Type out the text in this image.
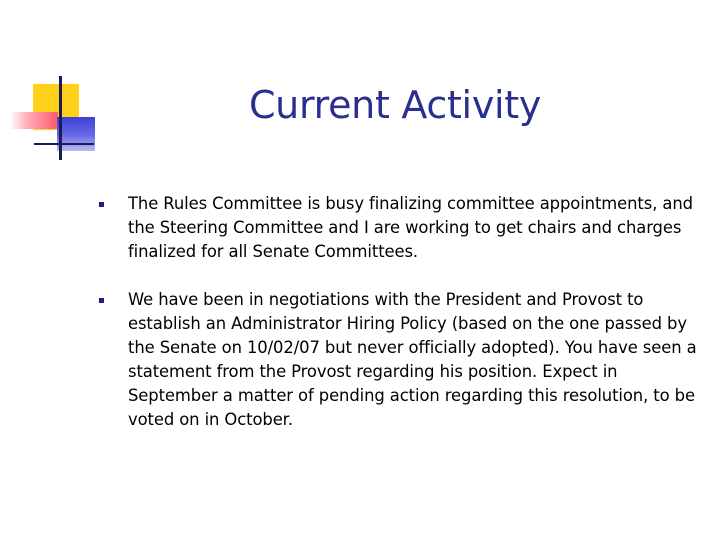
Current Activity
The Rules Committee is busy finalizing committee appointments, and the Steering Committee and I are working to get chairs and charges finalized for all Senate Committees.
We have been in negotiations with the President and Provost to establish an Administrator Hiring Policy (based on the one passed by the Senate on 10/02/07 but never officially adopted). You have seen a statement from the Provost regarding his position. Expect in September a matter of pending action regarding this resolution, to be voted on in October.
